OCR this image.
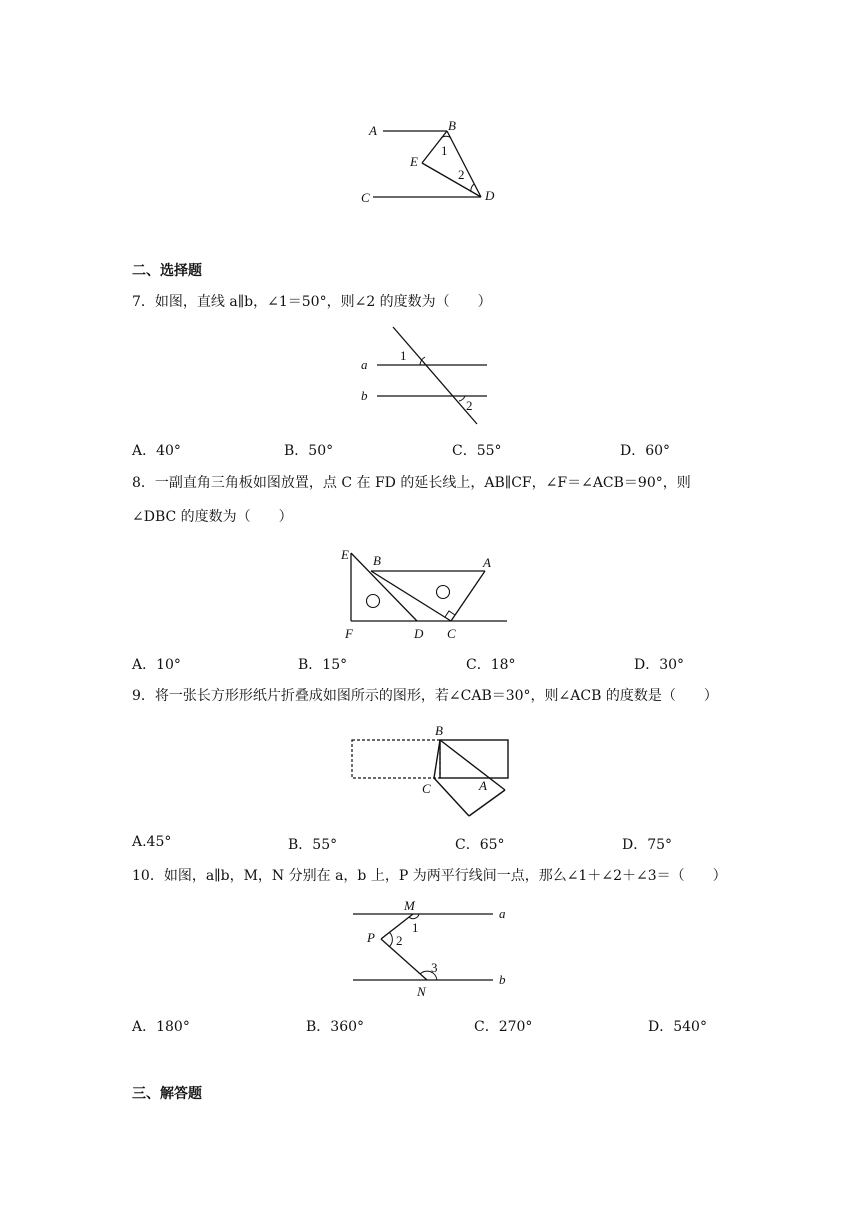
A	B
E
C	D
1
2
二、选择题
7．如图，直线 a∥b，∠1＝50°，则∠2 的度数为（　　）
a
b
1
2
A．40°	B．50°	C．55°	D．60°
8．一副直角三角板如图放置，点 C 在 FD 的延长线上，AB∥CF，∠F＝∠ACB＝90°，则
∠DBC 的度数为（　　）
E B	A
F	D C
A．10°	B．15°	C．18°	D．30°
9．将一张长方形形纸片折叠成如图所示的图形，若∠CAB＝30°，则∠ACB 的度数是（　　）
B
C	A
A.45°	B．55°	C．65°	D．75°
10．如图，a∥b，M，N 分别在 a，b 上，P 为两平行线间一点，那么∠1＋∠2＋∠3＝（　　）
M
P
N
a
b
1
2
3
A．180°	B．360°	C．270°	D．540°
三、解答题
